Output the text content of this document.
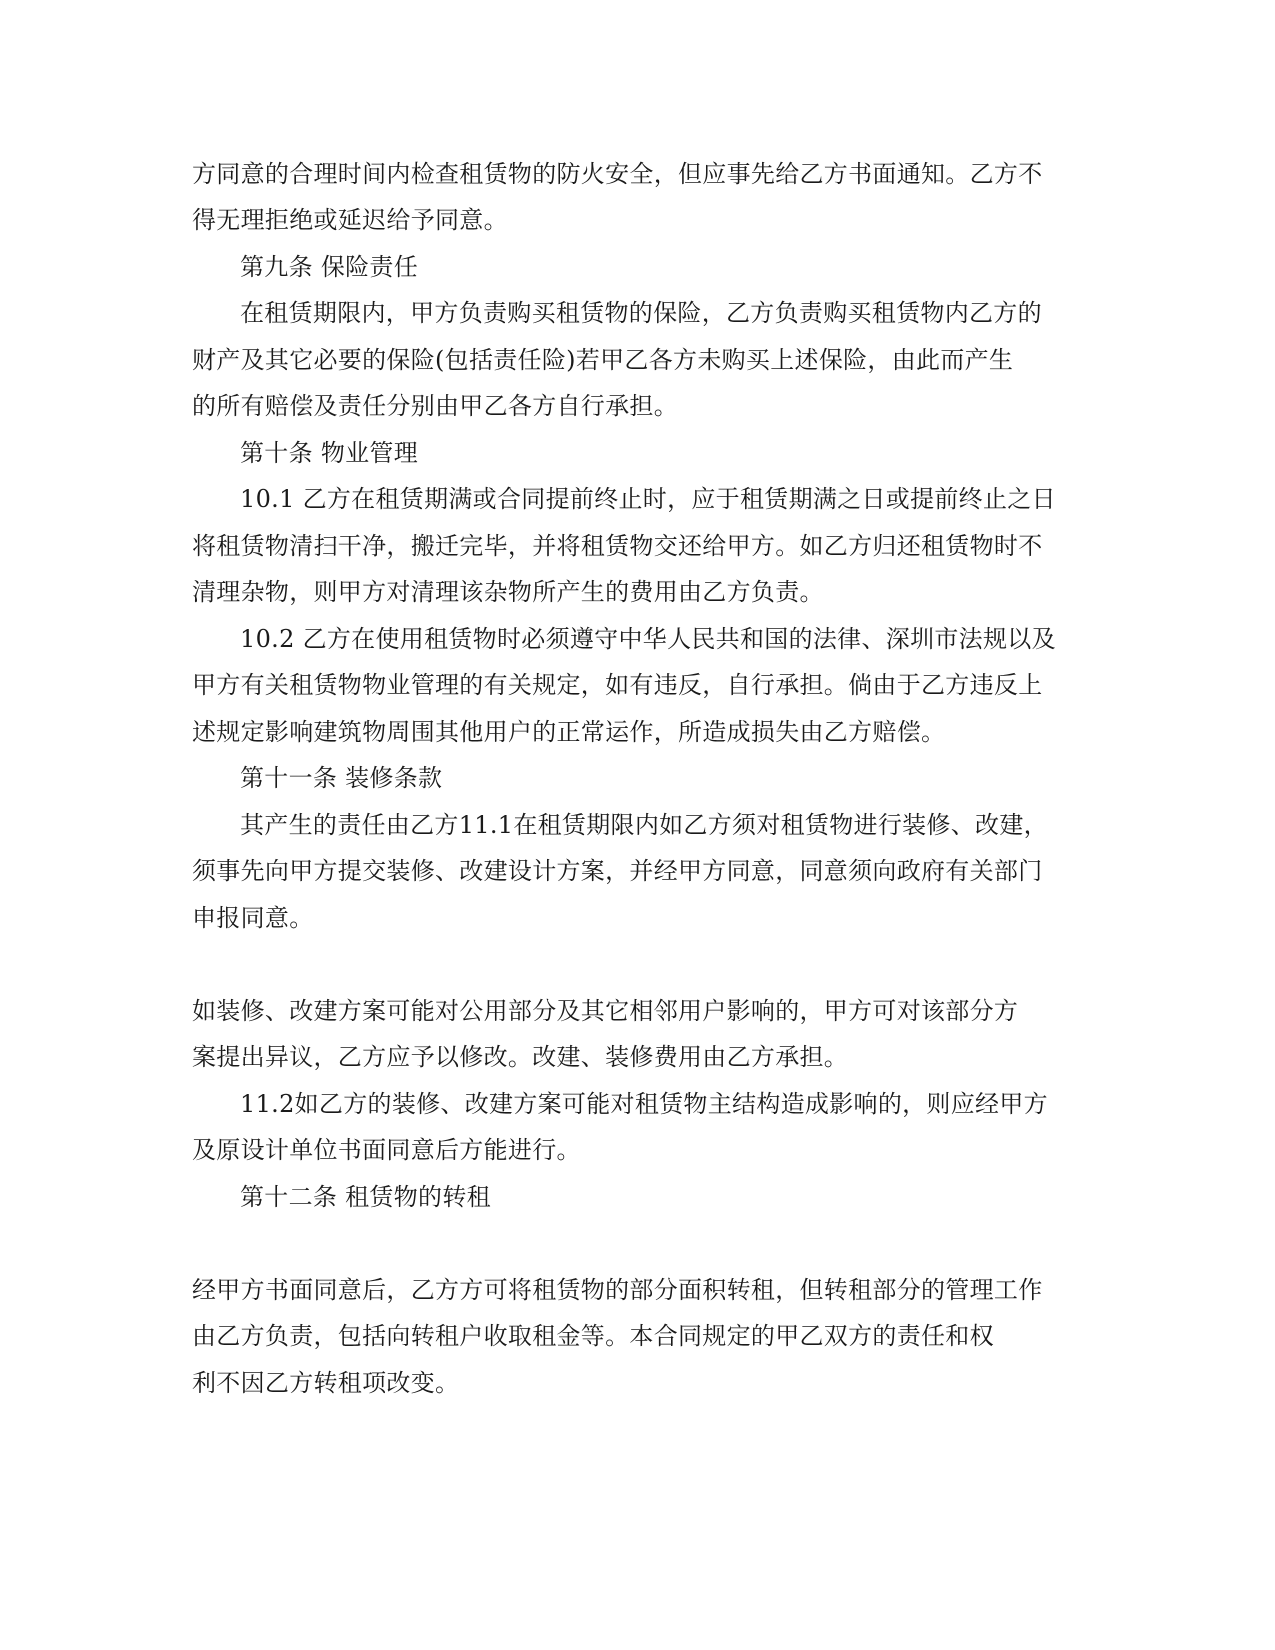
方同意的合理时间内检查租赁物的防火安全，但应事先给乙方书面通知。乙方不
得无理拒绝或延迟给予同意。
第九条 保险责任
在租赁期限内，甲方负责购买租赁物的保险，乙方负责购买租赁物内乙方的
财产及其它必要的保险(包括责任险)若甲乙各方未购买上述保险，由此而产生
的所有赔偿及责任分别由甲乙各方自行承担。
第十条 物业管理
10.1 乙方在租赁期满或合同提前终止时，应于租赁期满之日或提前终止之日
将租赁物清扫干净，搬迁完毕，并将租赁物交还给甲方。如乙方归还租赁物时不
清理杂物，则甲方对清理该杂物所产生的费用由乙方负责。
10.2 乙方在使用租赁物时必须遵守中华人民共和国的法律、深圳市法规以及
甲方有关租赁物物业管理的有关规定，如有违反，自行承担。倘由于乙方违反上
述规定影响建筑物周围其他用户的正常运作，所造成损失由乙方赔偿。
第十一条 装修条款
其产生的责任由乙方11.1在租赁期限内如乙方须对租赁物进行装修、改建，
须事先向甲方提交装修、改建设计方案，并经甲方同意，同意须向政府有关部门
申报同意。
如装修、改建方案可能对公用部分及其它相邻用户影响的，甲方可对该部分方
案提出异议，乙方应予以修改。改建、装修费用由乙方承担。
11.2如乙方的装修、改建方案可能对租赁物主结构造成影响的，则应经甲方
及原设计单位书面同意后方能进行。
第十二条 租赁物的转租
经甲方书面同意后，乙方方可将租赁物的部分面积转租，但转租部分的管理工作
由乙方负责，包括向转租户收取租金等。本合同规定的甲乙双方的责任和权
利不因乙方转租项改变。
